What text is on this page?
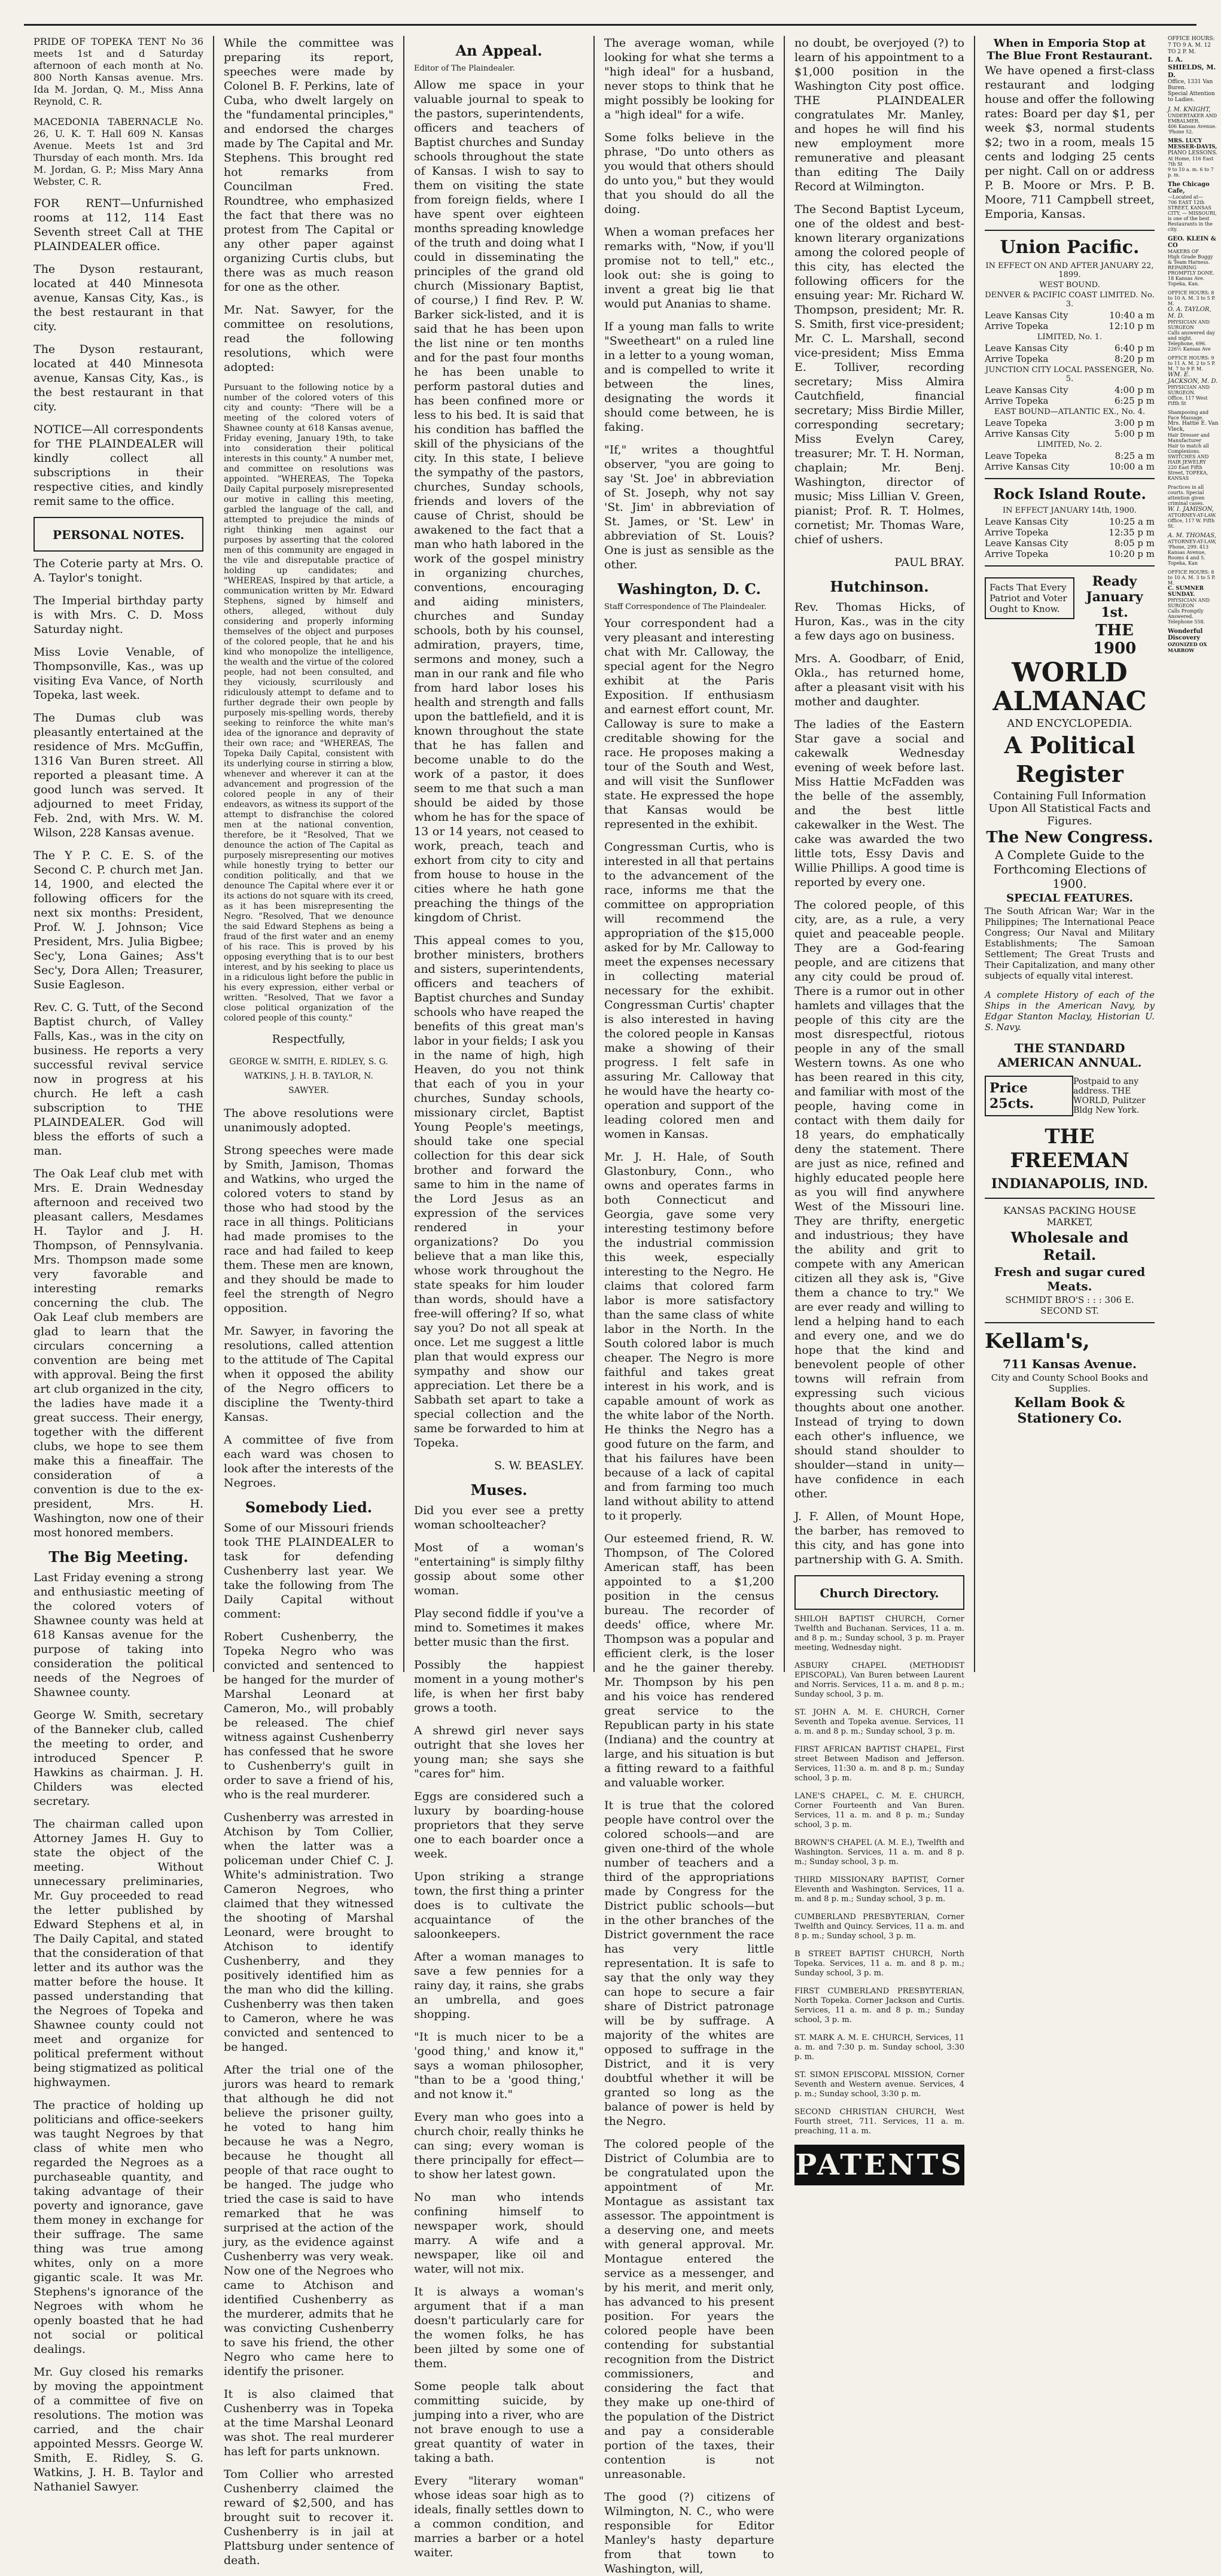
PRIDE OF TOPEKA TENT No 36 meets 1st and d Saturday afternoon of each month at No. 800 North Kansas avenue. Mrs. Ida M. Jordan, Q. M., Miss Anna Reynold, C. R.

MACEDONIA TABERNACLE No. 26, U. K. T. Hall 609 N. Kansas Avenue. Meets 1st and 3rd Thursday of each month. Mrs. Ida M. Jordan, G. P.; Miss Mary Anna Webster, C. R.

FOR RENT—Unfurnished rooms at 112, 114 East Seventh street Call at THE PLAINDEALER office.

The Dyson restaurant, located at 440 Minnesota avenue, Kansas City, Kas., is the best restaurant in that city.

The Dyson restaurant, located at 440 Minnesota avenue, Kansas City, Kas., is the best restaurant in that city.

NOTICE—All correspondents for THE PLAINDEALER will kindly collect all subscriptions in their respective cities, and kindly remit same to the office.

PERSONAL NOTES.

The Coterie party at Mrs. O. A. Taylor's tonight.

The Imperial birthday party is with Mrs. C. D. Moss Saturday night.

Miss Lovie Venable, of Thompsonville, Kas., was up visiting Eva Vance, of North Topeka, last week.

The Dumas club was pleasantly entertained at the residence of Mrs. McGuffin, 1316 Van Buren street. All reported a pleasant time. A good lunch was served. It adjourned to meet Friday, Feb. 2nd, with Mrs. W. M. Wilson, 228 Kansas avenue.

The Y P. C. E. S. of the Second C. P. church met Jan. 14, 1900, and elected the following officers for the next six months: President, Prof. W. J. Johnson; Vice President, Mrs. Julia Bigbee; Sec'y, Lona Gaines; Ass't Sec'y, Dora Allen; Treasurer, Susie Eagleson.

Rev. C. G. Tutt, of the Second Baptist church, of Valley Falls, Kas., was in the city on business. He reports a very successful revival service now in progress at his church. He left a cash subscription to THE PLAINDEALER. God will bless the efforts of such a man.

The Oak Leaf club met with Mrs. E. Drain Wednesday afternoon and received two pleasant callers, Mesdames H. Taylor and J. H. Thompson, of Pennsylvania. Mrs. Thompson made some very favorable and interesting remarks concerning the club. The Oak Leaf club members are glad to learn that the circulars concerning a convention are being met with approval. Being the first art club organized in the city, the ladies have made it a great success. Their energy, together with the different clubs, we hope to see them make this a fineaffair. The consideration of a convention is due to the ex-president, Mrs. H. Washington, now one of their most honored members.

The Big Meeting.

Last Friday evening a strong and enthusiastic meeting of the colored voters of Shawnee county was held at 618 Kansas avenue for the purpose of taking into consideration the political needs of the Negroes of Shawnee county.

George W. Smith, secretary of the Banneker club, called the meeting to order, and introduced Spencer P. Hawkins as chairman. J. H. Childers was elected secretary.

The chairman called upon Attorney James H. Guy to state the object of the meeting. Without unnecessary preliminaries, Mr. Guy proceeded to read the letter published by Edward Stephens et al, in The Daily Capital, and stated that the consideration of that letter and its author was the matter before the house. It passed understanding that the Negroes of Topeka and Shawnee county could not meet and organize for political preferment without being stigmatized as political highwaymen.

The practice of holding up politicians and office-seekers was taught Negroes by that class of white men who regarded the Negroes as a purchaseable quantity, and taking advantage of their poverty and ignorance, gave them money in exchange for their suffrage. The same thing was true among whites, only on a more gigantic scale. It was Mr. Stephens's ignorance of the Negroes with whom he openly boasted that he had not social or political dealings.

Mr. Guy closed his remarks by moving the appointment of a committee of five on resolutions. The motion was carried, and the chair appointed Messrs. George W. Smith, E. Ridley, S. G. Watkins, J. H. B. Taylor and Nathaniel Sawyer.

While the committee was preparing its report, speeches were made by Colonel B. F. Perkins, late of Cuba, who dwelt largely on the "fundamental principles," and endorsed the charges made by The Capital and Mr. Stephens. This brought red hot remarks from Councilman Fred. Roundtree, who emphasized the fact that there was no protest from The Capital or any other paper against organizing Curtis clubs, but there was as much reason for one as the other.

Mr. Nat. Sawyer, for the committee on resolutions, read the following resolutions, which were adopted:

Pursuant to the following notice by a number of the colored voters of this city and county: "There will be a meeting of the colored voters of Shawnee county at 618 Kansas avenue, Friday evening, January 19th, to take into consideration their political interests in this county." A number met, and committee on resolutions was appointed. "WHEREAS, The Topeka Daily Capital purposely misrepresented our motive in calling this meeting, garbled the language of the call, and attempted to prejudice the minds of right thinking men against our purposes by asserting that the colored men of this community are engaged in the vile and disreputable practice of holding up candidates; and "WHEREAS, Inspired by that article, a communication written by Mr. Edward Stephens, signed by himself and others, alleged, without duly considering and properly informing themselves of the object and purposes of the colored people, that he and his kind who monopolize the intelligence, the wealth and the virtue of the colored people, had not been consulted, and they viciously, scurrilously and ridiculously attempt to defame and to further degrade their own people by purposely mis-spelling words, thereby seeking to reinforce the white man's idea of the ignorance and depravity of their own race; and "WHEREAS, The Topeka Daily Capital, consistent with its underlying course in stirring a blow, whenever and wherever it can at the advancement and progression of the colored people in any of their endeavors, as witness its support of the attempt to disfranchise the colored men at the national convention, therefore, be it "Resolved, That we denounce the action of The Capital as purposely misrepresenting our motives while honestly trying to better our condition politically, and that we denounce The Capital where ever it or its actions do not square with its creed, as it has been misrepresenting the Negro. "Resolved, That we denounce the said Edward Stephens as being a fraud of the first water and an enemy of his race. This is proved by his opposing everything that is to our best interest, and by his seeking to place us in a ridiculous light before the public in his every expression, either verbal or written. "Resolved, That we favor a close political organization of the colored people of this county."

Respectfully,

GEORGE W. SMITH, E. RIDLEY, S. G. WATKINS, J. H. B. TAYLOR, N. SAWYER.

The above resolutions were unanimously adopted.

Strong speeches were made by Smith, Jamison, Thomas and Watkins, who urged the colored voters to stand by those who had stood by the race in all things. Politicians had made promises to the race and had failed to keep them. These men are known, and they should be made to feel the strength of Negro opposition.

Mr. Sawyer, in favoring the resolutions, called attention to the attitude of The Capital when it opposed the ability of the Negro officers to discipline the Twenty-third Kansas.

A committee of five from each ward was chosen to look after the interests of the Negroes.

Somebody Lied.

Some of our Missouri friends took THE PLAINDEALER to task for defending Cushenberry last year. We take the following from The Daily Capital without comment:

Robert Cushenberry, the Topeka Negro who was convicted and sentenced to be hanged for the murder of Marshal Leonard at Cameron, Mo., will probably be released. The chief witness against Cushenberry has confessed that he swore to Cushenberry's guilt in order to save a friend of his, who is the real murderer.

Cushenberry was arrested in Atchison by Tom Collier, when the latter was a policeman under Chief C. J. White's administration. Two Cameron Negroes, who claimed that they witnessed the shooting of Marshal Leonard, were brought to Atchison to identify Cushenberry, and they positively identified him as the man who did the killing. Cushenberry was then taken to Cameron, where he was convicted and sentenced to be hanged.

After the trial one of the jurors was heard to remark that although he did not believe the prisoner guilty, he voted to hang him because he was a Negro, because he thought all people of that race ought to be hanged. The judge who tried the case is said to have remarked that he was surprised at the action of the jury, as the evidence against Cushenberry was very weak. Now one of the Negroes who came to Atchison and identified Cushenberry as the murderer, admits that he was convicting Cushenberry to save his friend, the other Negro who came here to identify the prisoner.

It is also claimed that Cushenberry was in Topeka at the time Marshal Leonard was shot. The real murderer has left for parts unknown.

Tom Collier who arrested Cushenberry claimed the reward of $2,500, and has brought suit to recover it. Cushenberry is in jail at Plattsburg under sentence of death.

An Appeal.
Editor of The Plaindealer.

Allow me space in your valuable journal to speak to the pastors, superintendents, officers and teachers of Baptist churches and Sunday schools throughout the state of Kansas. I wish to say to them on visiting the state from foreign fields, where I have spent over eighteen months spreading knowledge of the truth and doing what I could in disseminating the principles of the grand old church (Missionary Baptist, of course,) I find Rev. P. W. Barker sick-listed, and it is said that he has been upon the list nine or ten months and for the past four months he has been unable to perform pastoral duties and has been confined more or less to his bed. It is said that his condition has baffled the skill of the physicians of the city. In this state, I believe the sympathy of the pastors, churches, Sunday schools, friends and lovers of the cause of Christ, should be awakened to the fact that a man who hath labored in the work of the gospel ministry in organizing churches, conventions, encouraging and aiding ministers, churches and Sunday schools, both by his counsel, admiration, prayers, time, sermons and money, such a man in our rank and file who from hard labor loses his health and strength and falls upon the battlefield, and it is known throughout the state that he has fallen and become unable to do the work of a pastor, it does seem to me that such a man should be aided by those whom he has for the space of 13 or 14 years, not ceased to work, preach, teach and exhort from city to city and from house to house in the cities where he hath gone preaching the things of the kingdom of Christ.

This appeal comes to you, brother ministers, brothers and sisters, superintendents, officers and teachers of Baptist churches and Sunday schools who have reaped the benefits of this great man's labor in your fields; I ask you in the name of high, high Heaven, do you not think that each of you in your churches, Sunday schools, missionary circlet, Baptist Young People's meetings, should take one special collection for this dear sick brother and forward the same to him in the name of the Lord Jesus as an expression of the services rendered in your organizations? Do you believe that a man like this, whose work throughout the state speaks for him louder than words, should have a free-will offering? If so, what say you? Do not all speak at once. Let me suggest a little plan that would express our sympathy and show our appreciation. Let there be a Sabbath set apart to take a special collection and the same be forwarded to him at Topeka.

S. W. BEASLEY.

Muses.

Did you ever see a pretty woman schoolteacher?

Most of a woman's "entertaining" is simply filthy gossip about some other woman.

Play second fiddle if you've a mind to. Sometimes it makes better music than the first.

Possibly the happiest moment in a young mother's life, is when her first baby grows a tooth.

A shrewd girl never says outright that she loves her young man; she says she "cares for" him.

Eggs are considered such a luxury by boarding-house proprietors that they serve one to each boarder once a week.

Upon striking a strange town, the first thing a printer does is to cultivate the acquaintance of the saloonkeepers.

After a woman manages to save a few pennies for a rainy day, it rains, she grabs an umbrella, and goes shopping.

"It is much nicer to be a 'good thing,' and know it," says a woman philosopher, "than to be a 'good thing,' and not know it."

Every man who goes into a church choir, really thinks he can sing; every woman is there principally for effect—to show her latest gown.

No man who intends confining himself to newspaper work, should marry. A wife and a newspaper, like oil and water, will not mix.

It is always a woman's argument that if a man doesn't particularly care for the women folks, he has been jilted by some one of them.

Some people talk about committing suicide, by jumping into a river, who are not brave enough to use a great quantity of water in taking a bath.

Every "literary woman" whose ideas soar high as to ideals, finally settles down to a common condition, and marries a barber or a hotel waiter.

The average woman, while looking for what she terms a "high ideal" for a husband, never stops to think that he might possibly be looking for a "high ideal" for a wife.

Some folks believe in the phrase, "Do unto others as you would that others should do unto you," but they would that you should do all the doing.

When a woman prefaces her remarks with, "Now, if you'll promise not to tell," etc., look out: she is going to invent a great big lie that would put Ananias to shame.

If a young man falls to write "Sweetheart" on a ruled line in a letter to a young woman, and is compelled to write it between the lines, designating the words it should come between, he is faking.

"If," writes a thoughtful observer, "you are going to say 'St. Joe' in abbreviation of St. Joseph, why not say 'St. Jim' in abbreviation of St. James, or 'St. Lew' in abbreviation of St. Louis? One is just as sensible as the other.

Washington, D. C.
Staff Correspondence of The Plaindealer.

Your correspondent had a very pleasant and interesting chat with Mr. Calloway, the special agent for the Negro exhibit at the Paris Exposition. If enthusiasm and earnest effort count, Mr. Calloway is sure to make a creditable showing for the race. He proposes making a tour of the South and West, and will visit the Sunflower state. He expressed the hope that Kansas would be represented in the exhibit.

Congressman Curtis, who is interested in all that pertains to the advancement of the race, informs me that the committee on appropriation will recommend the appropriation of the $15,000 asked for by Mr. Calloway to meet the expenses necessary in collecting material necessary for the exhibit. Congressman Curtis' chapter is also interested in having the colored people in Kansas make a showing of their progress. I felt safe in assuring Mr. Calloway that he would have the hearty co-operation and support of the leading colored men and women in Kansas.

Mr. J. H. Hale, of South Glastonbury, Conn., who owns and operates farms in both Connecticut and Georgia, gave some very interesting testimony before the industrial commission this week, especially interesting to the Negro. He claims that colored farm labor is more satisfactory than the same class of white labor in the North. In the South colored labor is much cheaper. The Negro is more faithful and takes great interest in his work, and is capable amount of work as the white labor of the North. He thinks the Negro has a good future on the farm, and that his failures have been because of a lack of capital and from farming too much land without ability to attend to it properly.

Our esteemed friend, R. W. Thompson, of The Colored American staff, has been appointed to a $1,200 position in the census bureau. The recorder of deeds' office, where Mr. Thompson was a popular and efficient clerk, is the loser and he the gainer thereby. Mr. Thompson by his pen and his voice has rendered great service to the Republican party in his state (Indiana) and the country at large, and his situation is but a fitting reward to a faithful and valuable worker.

It is true that the colored people have control over the colored schools—and are given one-third of the whole number of teachers and a third of the appropriations made by Congress for the District public schools—but in the other branches of the District government the race has very little representation. It is safe to say that the only way they can hope to secure a fair share of District patronage will be by suffrage. A majority of the whites are opposed to suffrage in the District, and it is very doubtful whether it will be granted so long as the balance of power is held by the Negro.

The colored people of the District of Columbia are to be congratulated upon the appointment of Mr. Montague as assistant tax assessor. The appointment is a deserving one, and meets with general approval. Mr. Montague entered the service as a messenger, and by his merit, and merit only, has advanced to his present position. For years the colored people have been contending for substantial recognition from the District commissioners, and considering the fact that they make up one-third of the population of the District and pay a considerable portion of the taxes, their contention is not unreasonable.

The good (?) citizens of Wilmington, N. C., who were responsible for Editor Manley's hasty departure from that town to Washington, will,

no doubt, be overjoyed (?) to learn of his appointment to a $1,000 position in the Washington City post office. THE PLAINDEALER congratulates Mr. Manley, and hopes he will find his new employment more remunerative and pleasant than editing The Daily Record at Wilmington.

The Second Baptist Lyceum, one of the oldest and best-known literary organizations among the colored people of this city, has elected the following officers for the ensuing year: Mr. Richard W. Thompson, president; Mr. R. S. Smith, first vice-president; Mr. C. L. Marshall, second vice-president; Miss Emma E. Tolliver, recording secretary; Miss Almira Cautchfield, financial secretary; Miss Birdie Miller, corresponding secretary; Miss Evelyn Carey, treasurer; Mr. T. H. Norman, chaplain; Mr. Benj. Washington, director of music; Miss Lillian V. Green, pianist; Prof. R. T. Holmes, cornetist; Mr. Thomas Ware, chief of ushers.

PAUL BRAY.

Hutchinson.

Rev. Thomas Hicks, of Huron, Kas., was in the city a few days ago on business.

Mrs. A. Goodbarr, of Enid, Okla., has returned home, after a pleasant visit with his mother and daughter.

The ladies of the Eastern Star gave a social and cakewalk Wednesday evening of week before last. Miss Hattie McFadden was the belle of the assembly, and the best little cakewalker in the West. The cake was awarded the two little tots, Essy Davis and Willie Phillips. A good time is reported by every one.

The colored people, of this city, are, as a rule, a very quiet and peaceable people. They are a God-fearing people, and are citizens that any city could be proud of. There is a rumor out in other hamlets and villages that the people of this city are the most disrespectful, riotous people in any of the small Western towns. As one who has been reared in this city, and familiar with most of the people, having come in contact with them daily for 18 years, do emphatically deny the statement. There are just as nice, refined and highly educated people here as you will find anywhere West of the Missouri line. They are thrifty, energetic and industrious; they have the ability and grit to compete with any American citizen all they ask is, "Give them a chance to try." We are ever ready and willing to lend a helping hand to each and every one, and we do hope that the kind and benevolent people of other towns will refrain from expressing such vicious thoughts about one another. Instead of trying to down each other's influence, we should stand shoulder to shoulder—stand in unity—have confidence in each other.

J. F. Allen, of Mount Hope, the barber, has removed to this city, and has gone into partnership with G. A. Smith.

Church Directory.

SHILOH BAPTIST CHURCH, Corner Twelfth and Buchanan. Services, 11 a. m. and 8 p. m.; Sunday school, 3 p. m. Prayer meeting, Wednesday night.

ASBURY CHAPEL (METHODIST EPISCOPAL), Van Buren between Laurent and Norris. Services, 11 a. m. and 8 p. m.; Sunday school, 3 p. m.

ST. JOHN A. M. E. CHURCH, Corner Seventh and Topeka avenue. Services, 11 a. m. and 8 p. m.; Sunday school, 3 p. m.

FIRST AFRICAN BAPTIST CHAPEL, First street Between Madison and Jefferson. Services, 11:30 a. m. and 8 p. m.; Sunday school, 3 p. m.

LANE'S CHAPEL, C. M. E. CHURCH, Corner Fourteenth and Van Buren. Services, 11 a. m. and 8 p. m.; Sunday school, 3 p. m.

BROWN'S CHAPEL (A. M. E.), Twelfth and Washington. Services, 11 a. m. and 8 p. m.; Sunday school, 3 p. m.

THIRD MISSIONARY BAPTIST, Corner Eleventh and Washington. Services, 11 a. m. and 8 p. m.; Sunday school, 3 p. m.

CUMBERLAND PRESBYTERIAN, Corner Twelfth and Quincy. Services, 11 a. m. and 8 p. m.; Sunday school, 3 p. m.

B STREET BAPTIST CHURCH, North Topeka. Services, 11 a. m. and 8 p. m.; Sunday school, 3 p. m.

FIRST CUMBERLAND PRESBYTERIAN, North Topeka. Corner Jackson and Curtis. Services, 11 a. m. and 8 p. m.; Sunday school, 3 p. m.

ST. MARK A. M. E. CHURCH, Services, 11 a. m. and 7:30 p. m. Sunday school, 3:30 p. m.

ST. SIMON EPISCOPAL MISSION, Corner Seventh and Western avenue. Services, 4 p. m.; Sunday school, 3:30 p. m.

SECOND CHRISTIAN CHURCH, West Fourth street, 711. Services, 11 a. m. preaching, 11 a. m.

PATENTS
When in Emporia Stop at The Blue Front Restaurant.

We have opened a first-class restaurant and lodging house and offer the following rates: Board per day $1, per week $3, normal students $2; two in a room, meals 15 cents and lodging 25 cents per night. Call on or address P. B. Moore or Mrs. P. B. Moore, 711 Campbell street, Emporia, Kansas.

Union Pacific.
IN EFFECT ON AND AFTER JANUARY 22, 1899.
WEST BOUND.
DENVER & PACIFIC COAST LIMITED. No. 3.
Leave Kansas City	10:40 a m
Arrive Topeka	12:10 p m
LIMITED, No. 1.
Leave Kansas City	6:40 p m
Arrive Topeka	8:20 p m
JUNCTION CITY LOCAL PASSENGER, No. 5.
Leave Kansas City	4:00 p m
Arrive Topeka	6:25 p m
EAST BOUND—ATLANTIC EX., No. 4.
Leave Topeka	3:00 p m
Arrive Kansas City	5:00 p m
LIMITED, No. 2.
Leave Topeka	8:25 a m
Arrive Kansas City	10:00 a m
Rock Island Route.
IN EFFECT JANUARY 14th, 1900.
Leave Kansas City	10:25 a m
Arrive Topeka	12:35 p m
Leave Kansas City	8:05 p m
Arrive Topeka	10:20 p m
Facts That Every Patriot and Voter Ought to Know.
Ready January 1st.
THE 1900
WORLD ALMANAC
AND ENCYCLOPEDIA.
A Political Register
Containing Full Information Upon All Statistical Facts and Figures.
The New Congress.
A Complete Guide to the Forthcoming Elections of 1900.
SPECIAL FEATURES.

The South African War; War in the Philippines; The International Peace Congress; Our Naval and Military Establishments; The Samoan Settlement; The Great Trusts and Their Capitalization, and many other subjects of equally vital interest.

A complete History of each of the Ships in the American Navy, by Edgar Stanton Maclay, Historian U. S. Navy.

THE STANDARD AMERICAN ANNUAL.
Price 25cts.
Postpaid to any address. THE WORLD, Pulitzer Bldg New York.
THE FREEMAN
INDIANAPOLIS, IND.
KANSAS PACKING HOUSE MARKET,
Wholesale and Retail.
Fresh and sugar cured Meats.
SCHMIDT BRO'S : : : 306 E. SECOND ST.
Kellam's,
711 Kansas Avenue.
City and County School Books and Supplies.
Kellam Book & Stationery Co.
OFFICE HOURS: 7 TO 9 A. M. 12 TO 2 P. M.
I. A. SHIELDS, M. D.
Office, 1331 Van Buren.
Special Attention to Ladies.
J. M. KNIGHT,
UNDERTAKER AND EMBALMER.
406 Kansas Avenue. 'Phone 52.
MRS. LUCY MESSER-DAVIS,
PIANO LESSONS.
At Home, 116 East 7th St
9 to 10 a. m. 6 to 7 p. m.
The Chicago Cafe,
—Located at—
706 EAST 12th STREET, KANSAS CITY, — MISSOURI, is one of the best Restaurants in the city.
GEO. KLEIN & CO
MAKERS OF
High Grade Buggy & Team Harness.
REPAIRING PROMPTLY DONE.
18 Kansas Ave. Topeka, Kan.
OFFICE HOURS: 8 to 10 A. M. 3 to 5 P. M.
O. A. TAYLOR, M. D.
PHYSICIAN AND SURGEON
Calls answered day and night.
Telephone, 696. 226½ Kansas Ave
OFFICE HOURS: 9 to 11 A. M. 2 to 5 P. M. 7 to 9 P. M.
WM. E. JACKSON, M. D.
PHYSICIAN AND SURGEON.
Office, 117 West Fifth St
Shampooing and Face Massage.
Mrs. Hattie E. Van Vleck,
Hair Dresser and Manufacturer
Hair to match all Complexions.
SWITCHES AND HAIR JEWELRY
220 East Fifth Street, TOPEKA, KANSAS
Practices in all courts. Special attention given criminal cases.
W. I. JAMISON,
ATTORNEY-AT-LAW.
Office, 117 W. Fifth St.
A. M. THOMAS,
ATTORNEY-AT-LAW,
'Phone, 299. 413 Kansas Avenue, Rooms 4 and 5. Topeka, Kan
OFFICE HOURS: 8 to 10 A. M. 3 to 5 P. M.
C. SUMNER SUNDAY.
PHYSICIAN AND SURGEON
Calls Promptly Answered. Telephone 558.
Wonderful Discovery
OZONIZED OX MARROW
